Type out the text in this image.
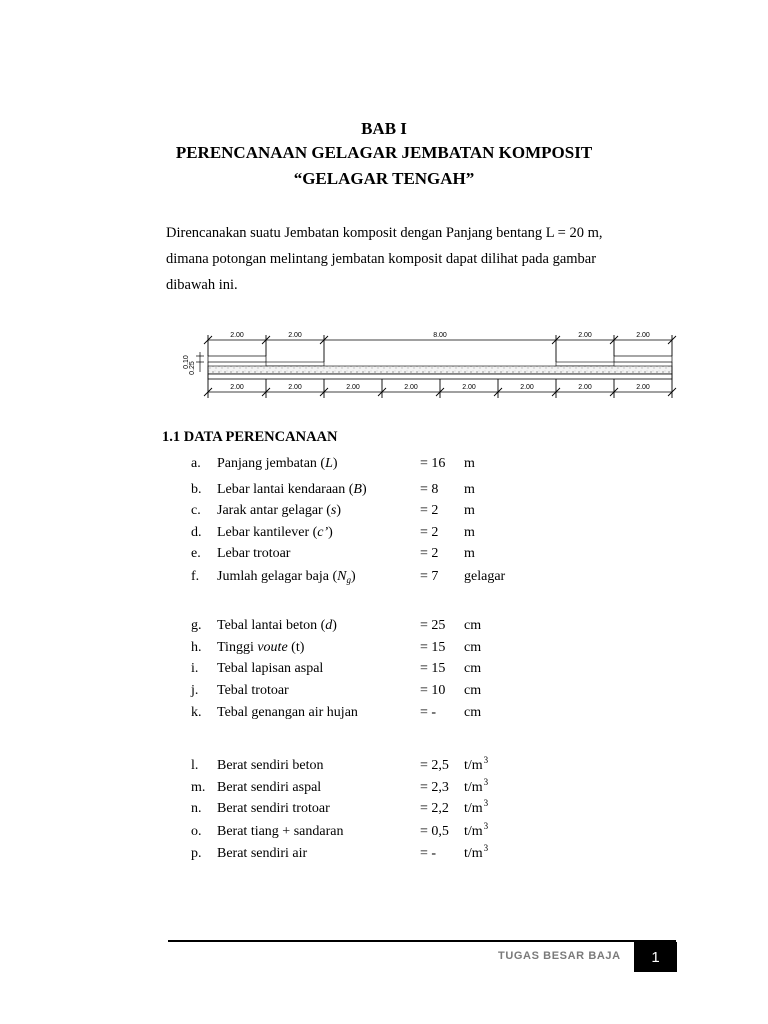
BAB I
PERENCANAAN GELAGAR JEMBATAN KOMPOSIT
“GELAGAR TENGAH”
Direncanakan suatu Jembatan komposit dengan Panjang bentang L = 20 m,
dimana potongan melintang jembatan komposit dapat dilihat pada gambar
dibawah ini.
2.00	2.00	8.00	2.00	2.00
0.10 0.25
2.00	2.00	2.00	2.00	2.00	2.00	2.00	2.00
1.1 DATA PERENCANAAN
a. Panjang jembatan (L)	= 16 m
b. Lebar lantai kendaraan (B)	= 8 m
c. Jarak antar gelagar (s)	= 2 m
d. Lebar kantilever (c’)	= 2 m
e. Lebar trotoar	= 2 m
f. Jumlah gelagar baja $(N_g)$	= 7 gelagar
g. Tebal lantai beton (d)	= 25 cm
h. Tinggi voute (t)	= 15 cm
i. Tebal lapisan aspal	= 15 cm
j. Tebal trotoar	= 10 cm
k. Tebal genangan air hujan	= - cm
l. Berat sendiri beton	= 2,5 $t/m^3$
m. Berat sendiri aspal	= 2,3 $t/m^3$
n. Berat sendiri trotoar	= 2,2 $t/m^3$
o. Berat tiang + sandaran	= 0,5 $t/m^3$
p. Berat sendiri air	= - $t/m^3$
TUGAS BESAR BAJA 1
